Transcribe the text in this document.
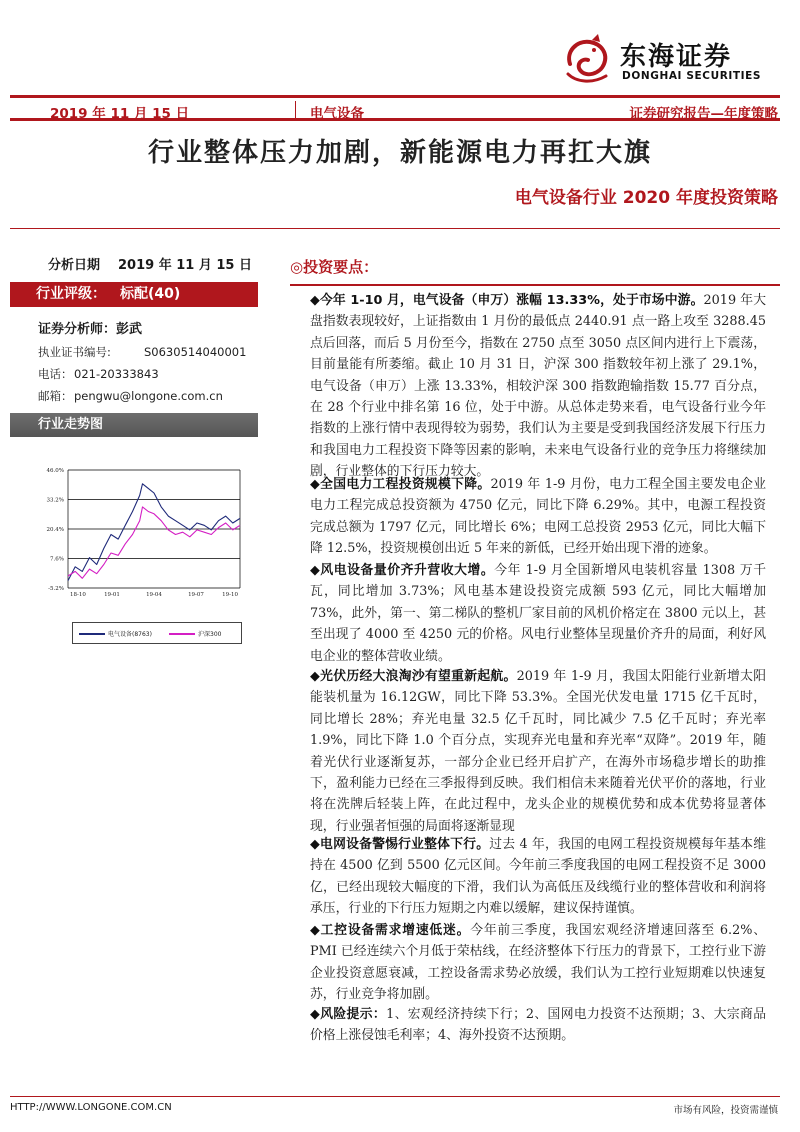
东海证券
DONGHAI SECURITIES
2019 年 11 月 15 日	电气设备	证券研究报告—年度策略
行业整体压力加剧，新能源电力再扛大旗
电气设备行业 2020 年度投资策略
分析日期 2019 年 11 月 15 日
行业评级： 标配(40)
证券分析师：彭武
执业证书编号:	S0630514040001
电话： 021-20333843
邮箱： pengwu@longone.com.cn
行业走势图
46.0%
33.2%
20.4%
7.6%
-5.2%
18-10	19-01	19-04	19-07	19-10
电气设备(8763)	沪深300
◎投资要点：

◆今年 1-10 月，电气设备（申万）涨幅 13.33%，处于市场中游。2019 年大盘指数表现较好，上证指数由 1 月份的最低点 2440.91 点一路上攻至 3288.45 点后回落，而后 5 月份至今，指数在 2750 点至 3050 点区间内进行上下震荡，目前量能有所萎缩。截止 10 月 31 日，沪深 300 指数较年初上涨了 29.1%，电气设备（申万）上涨 13.33%，相较沪深 300 指数跑输指数 15.77 百分点，在 28 个行业中排名第 16 位，处于中游。从总体走势来看，电气设备行业今年指数的上涨行情中表现得较为弱势，我们认为主要是受到我国经济发展下行压力和我国电力工程投资下降等因素的影响，未来电气设备行业的竞争压力将继续加剧，行业整体的下行压力较大。

◆全国电力工程投资规模下降。2019 年 1-9 月份，电力工程全国主要发电企业电力工程完成总投资额为 4750 亿元，同比下降 6.29%。其中，电源工程投资完成总额为 1797 亿元，同比增长 6%；电网工总投资 2953 亿元，同比大幅下降 12.5%，投资规模创出近 5 年来的新低，已经开始出现下滑的迹象。

◆风电设备量价齐升营收大增。今年 1-9 月全国新增风电装机容量 1308 万千瓦，同比增加 3.73%；风电基本建设投资完成额 593 亿元，同比大幅增加 73%，此外，第一、第二梯队的整机厂家目前的风机价格定在 3800 元以上，甚至出现了 4000 至 4250 元的价格。风电行业整体呈现量价齐升的局面，利好风电企业的整体营收业绩。

◆光伏历经大浪淘沙有望重新起航。2019 年 1-9 月，我国太阳能行业新增太阳能装机量为 16.12GW，同比下降 53.3%。全国光伏发电量 1715 亿千瓦时，同比增长 28%；弃光电量 32.5 亿千瓦时，同比减少 7.5 亿千瓦时；弃光率 1.9%，同比下降 1.0 个百分点，实现弃光电量和弃光率“双降”。2019 年，随着光伏行业逐渐复苏，一部分企业已经开启扩产，在海外市场稳步增长的助推下，盈利能力已经在三季报得到反映。我们相信未来随着光伏平价的落地，行业将在洗牌后轻装上阵，在此过程中，龙头企业的规模优势和成本优势将显著体现，行业强者恒强的局面将逐渐显现

◆电网设备警惕行业整体下行。过去 4 年，我国的电网工程投资规模每年基本维持在 4500 亿到 5500 亿元区间。今年前三季度我国的电网工程投资不足 3000 亿，已经出现较大幅度的下滑，我们认为高低压及线缆行业的整体营收和利润将承压，行业的下行压力短期之内难以缓解，建议保持谨慎。

◆工控设备需求增速低迷。今年前三季度，我国宏观经济增速回落至 6.2%、PMI 已经连续六个月低于荣枯线，在经济整体下行压力的背景下，工控行业下游企业投资意愿衰减，工控设备需求势必放缓，我们认为工控行业短期难以快速复苏，行业竞争将加剧。

◆风险提示：1、宏观经济持续下行；2、国网电力投资不达预期；3、大宗商品价格上涨侵蚀毛利率；4、海外投资不达预期。

HTTP://WWW.LONGONE.COM.CN	市场有风险，投资需谨慎
